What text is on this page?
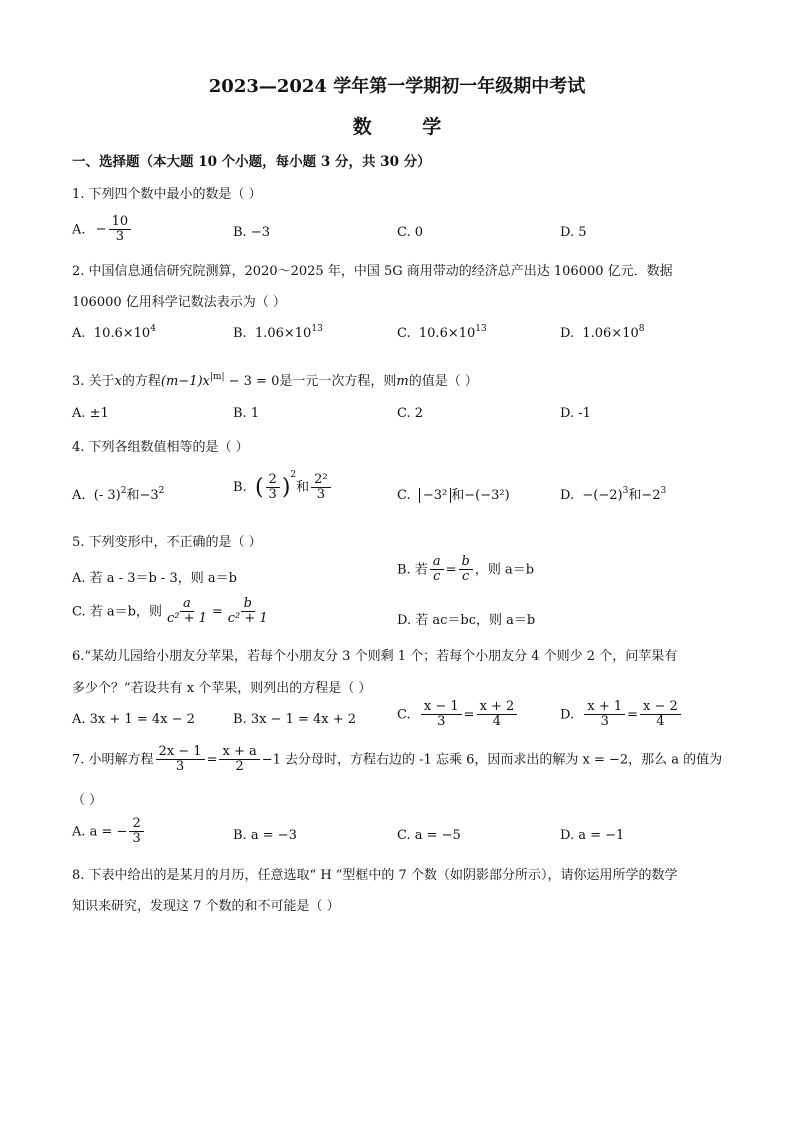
2023—2024 学年第一学期初一年级期中考试
数 学
一、选择题（本大题 10 个小题，每小题 3 分，共 30 分）
1. 下列四个数中最小的数是（ ）
A. − $\frac{10}{3}$	B. −3	C. 0	D. 5
2. 中国信息通信研究院测算，2020～2025 年，中国 5G 商用带动的经济总产出达 106000 亿元．数据
106000 亿用科学记数法表示为（ ）
A. $10.6\times 10^4$	B. $1.06\times 10^{13}$	C. $10.6\times 10^{13}$	D. $1.06\times 10^8$
3. 关于x的方程$(m-1)x^{|m|} - 3 = 0$是一元一次方程，则m的值是（ ）
A. ±1	B. 1	C. 2	D. -1
4. 下列各组数值相等的是（ ）
A. (- 3)$^2$和$-3^2$	B. ( $\frac{2}{3} )^2$和 $\frac{\text{2²}}{3}$	C. −3² 和−(−3²)	D. $-(-2)^3$和$-2^3$
5. 下列变形中，不正确的是（ ）
A. 若 a - 3＝b - 3，则 a＝b
B. 若 $\frac{a}{c} = \frac{b}{c}$ ，则 a＝b
C. 若 a＝b，则 $\frac{a}{\text{c² + 1}} = \frac{b}{\text{c² + 1}}$	D. 若 ac＝bc，则 a＝b
6.“某幼儿园给小朋友分苹果，若每个小朋友分 3 个则剩 1 个；若每个小朋友分 4 个则少 2 个，问苹果有
多少个？”若设共有 x 个苹果，则列出的方程是（ ）
A. 3x + 1 = 4x − 2	B. 3x − 1 = 4x + 2	C. $\frac{x - 1}{3} = \frac{x + 2}{4}$	D. $\frac{x + 1}{3} = \frac{x - 2}{4}$
7. 小明解方程 $\frac{2x - 1}{3} = \frac{x + a}{2} -1$ 去分母时，方程右边的 -1 忘乘 6，因而求出的解为 x = −2，那么 a 的值为
（ ）
A. a = − $\frac{2}{3}$	B. a = −3	C. a = −5	D. a = −1
8. 下表中给出的是某月的月历，任意选取“ H ”型框中的 7 个数（如阴影部分所示），请你运用所学的数学
知识来研究，发现这 7 个数的和不可能是（ ）
